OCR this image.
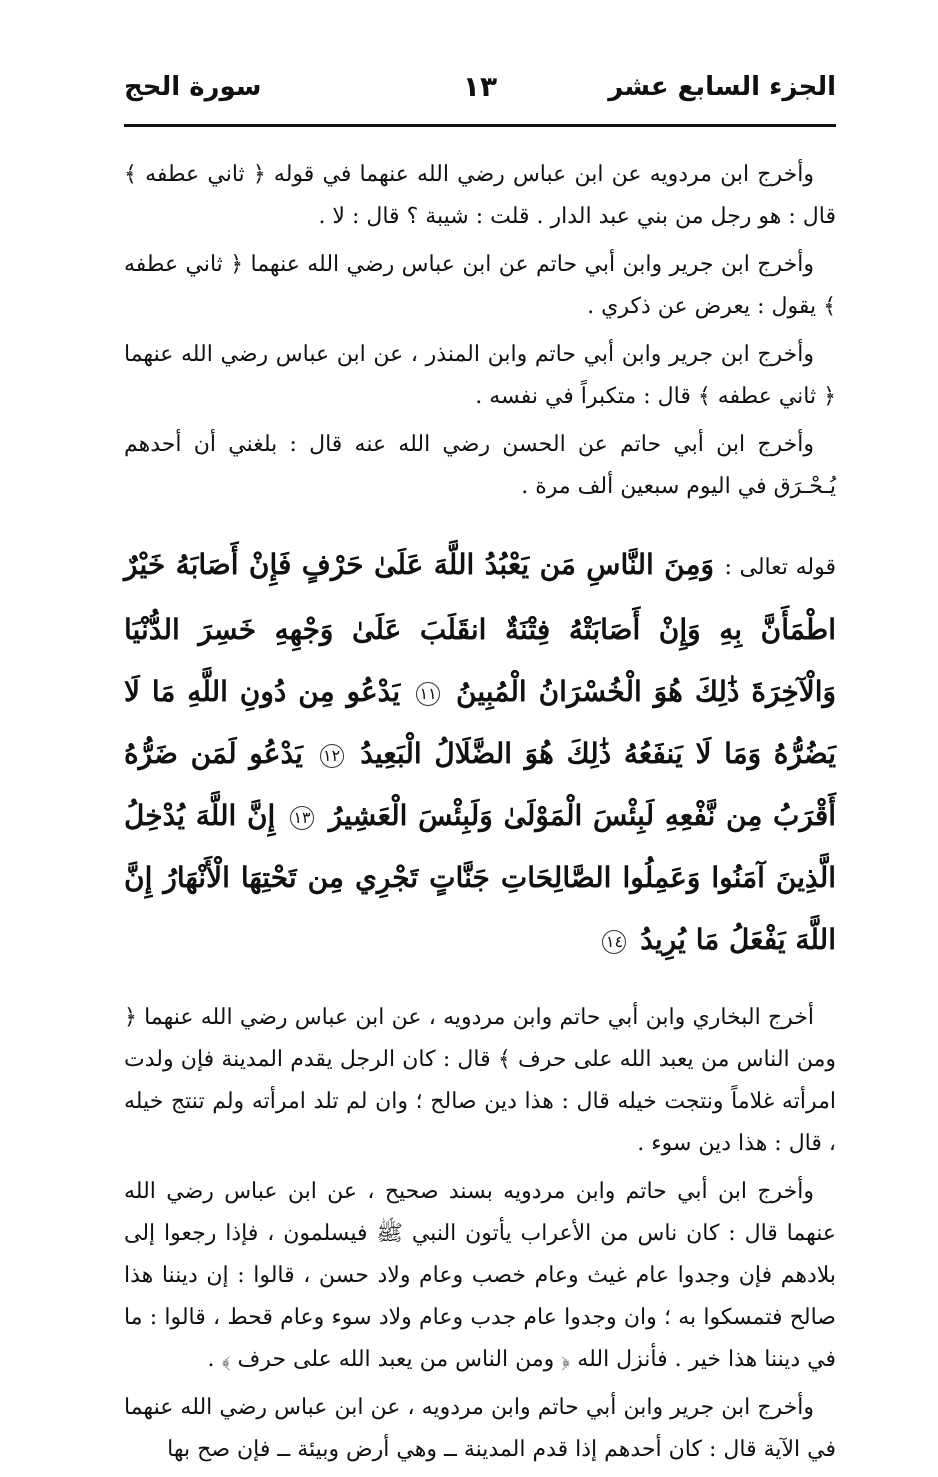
الجزء السابع عشر
١٣
سورة الحج

وأخرج ابن مردويه عن ابن عباس رضي الله عنهما في قوله ﴿ ثاني عطفه ﴾ قال : هو رجل من بني عبد الدار . قلت : شيبة ؟ قال : لا .

وأخرج ابن جرير وابن أبي حاتم عن ابن عباس رضي الله عنهما ﴿ ثاني عطفه ﴾ يقول : يعرض عن ذكري .

وأخرج ابن جرير وابن أبي حاتم وابن المنذر ، عن ابن عباس رضي الله عنهما ﴿ ثاني عطفه ﴾ قال : متكبراً في نفسه .

وأخرج ابن أبي حاتم عن الحسن رضي الله عنه قال : بلغني أن أحدهم يُـحْـرَق في اليوم سبعين ألف مرة .

قوله تعالى : وَمِنَ النَّاسِ مَن يَعْبُدُ اللَّهَ عَلَىٰ حَرْفٍ فَإِنْ أَصَابَهُ خَيْرٌ اطْمَأَنَّ بِهِ وَإِنْ أَصَابَتْهُ فِتْنَةٌ انقَلَبَ عَلَىٰ وَجْهِهِ خَسِرَ الدُّنْيَا وَالْآخِرَةَ ذَٰلِكَ هُوَ الْخُسْرَانُ الْمُبِينُ ١١ يَدْعُو مِن دُونِ اللَّهِ مَا لَا يَضُرُّهُ وَمَا لَا يَنفَعُهُ ذَٰلِكَ هُوَ الضَّلَالُ الْبَعِيدُ ١٢ يَدْعُو لَمَن ضَرُّهُ أَقْرَبُ مِن نَّفْعِهِ لَبِئْسَ الْمَوْلَىٰ وَلَبِئْسَ الْعَشِيرُ ١٣ إِنَّ اللَّهَ يُدْخِلُ الَّذِينَ آمَنُوا وَعَمِلُوا الصَّالِحَاتِ جَنَّاتٍ تَجْرِي مِن تَحْتِهَا الْأَنْهَارُ إِنَّ اللَّهَ يَفْعَلُ مَا يُرِيدُ ١٤

أخرج البخاري وابن أبي حاتم وابن مردويه ، عن ابن عباس رضي الله عنهما ﴿ ومن الناس من يعبد الله على حرف ﴾ قال : كان الرجل يقدم المدينة فإن ولدت امرأته غلاماً ونتجت خيله قال : هذا دين صالح ؛ وان لم تلد امرأته ولم تنتج خيله ، قال : هذا دين سوء .

وأخرج ابن أبي حاتم وابن مردويه بسند صحيح ، عن ابن عباس رضي الله عنهما قال : كان ناس من الأعراب يأتون النبي ﷺ فيسلمون ، فإذا رجعوا إلى بلادهم فإن وجدوا عام غيث وعام خصب وعام ولاد حسن ، قالوا : إن ديننا هذا صالح فتمسكوا به ؛ وان وجدوا عام جدب وعام ولاد سوء وعام قحط ، قالوا : ما في ديننا هذا خير . فأنزل الله ﴿ ومن الناس من يعبد الله على حرف ﴾ .

وأخرج ابن جرير وابن أبي حاتم وابن مردويه ، عن ابن عباس رضي الله عنهما في الآية قال : كان أحدهم إذا قدم المدينة ــ وهي أرض وبيئة ــ فإن صح بها
